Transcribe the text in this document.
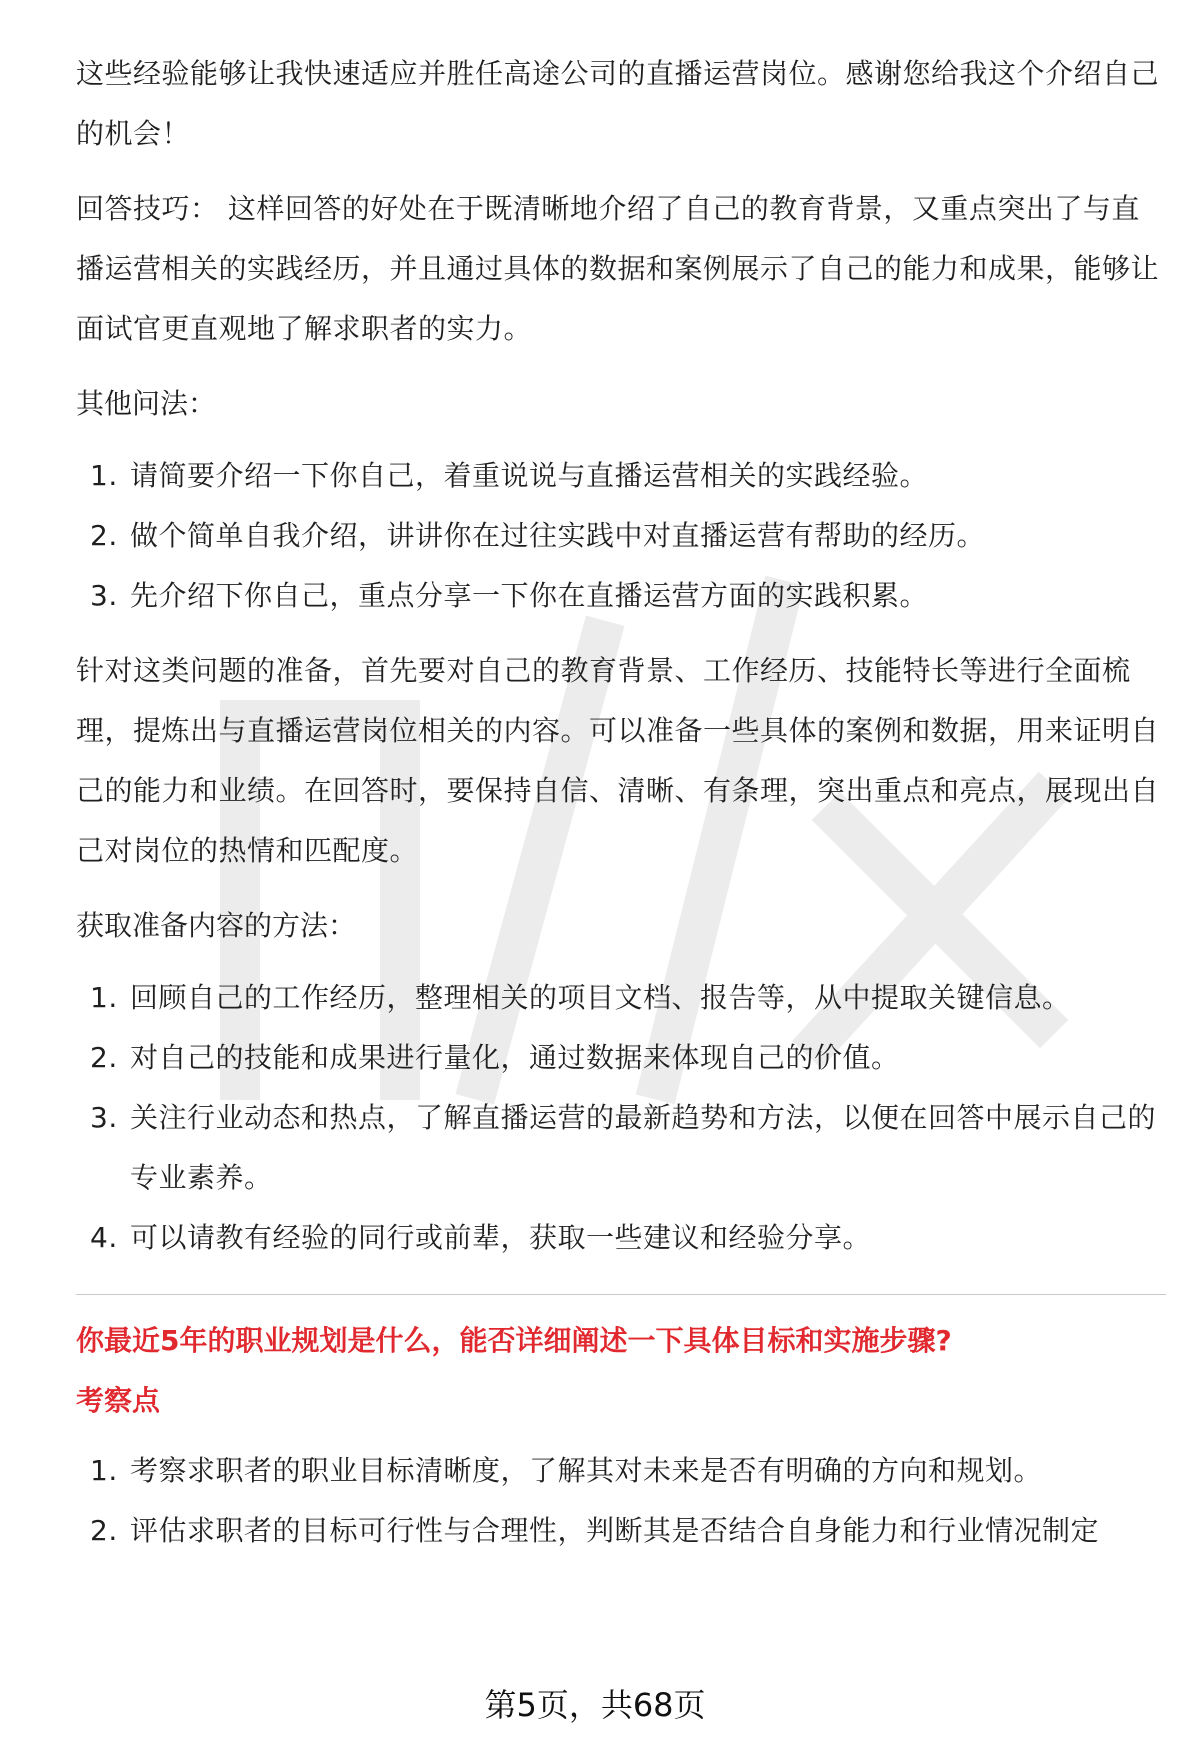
这些经验能够让我快速适应并胜任高途公司的直播运营岗位。感谢您给我这个介绍自己的机会！

回答技巧： 这样回答的好处在于既清晰地介绍了自己的教育背景，又重点突出了与直播运营相关的实践经历，并且通过具体的数据和案例展示了自己的能力和成果，能够让面试官更直观地了解求职者的实力。

其他问法：

1. 请简要介绍一下你自己，着重说说与直播运营相关的实践经验。
2. 做个简单自我介绍，讲讲你在过往实践中对直播运营有帮助的经历。
3. 先介绍下你自己，重点分享一下你在直播运营方面的实践积累。

针对这类问题的准备，首先要对自己的教育背景、工作经历、技能特长等进行全面梳理，提炼出与直播运营岗位相关的内容。可以准备一些具体的案例和数据，用来证明自己的能力和业绩。在回答时，要保持自信、清晰、有条理，突出重点和亮点，展现出自己对岗位的热情和匹配度。

获取准备内容的方法：

1. 回顾自己的工作经历，整理相关的项目文档、报告等，从中提取关键信息。
2. 对自己的技能和成果进行量化，通过数据来体现自己的价值。
3. 关注行业动态和热点，了解直播运营的最新趋势和方法，以便在回答中展示自己的专业素养。
4. 可以请教有经验的同行或前辈，获取一些建议和经验分享。

你最近5年的职业规划是什么，能否详细阐述一下具体目标和实施步骤?

考察点

1. 考察求职者的职业目标清晰度，了解其对未来是否有明确的方向和规划。
2. 评估求职者的目标可行性与合理性，判断其是否结合自身能力和行业情况制定
第5页，共68页
